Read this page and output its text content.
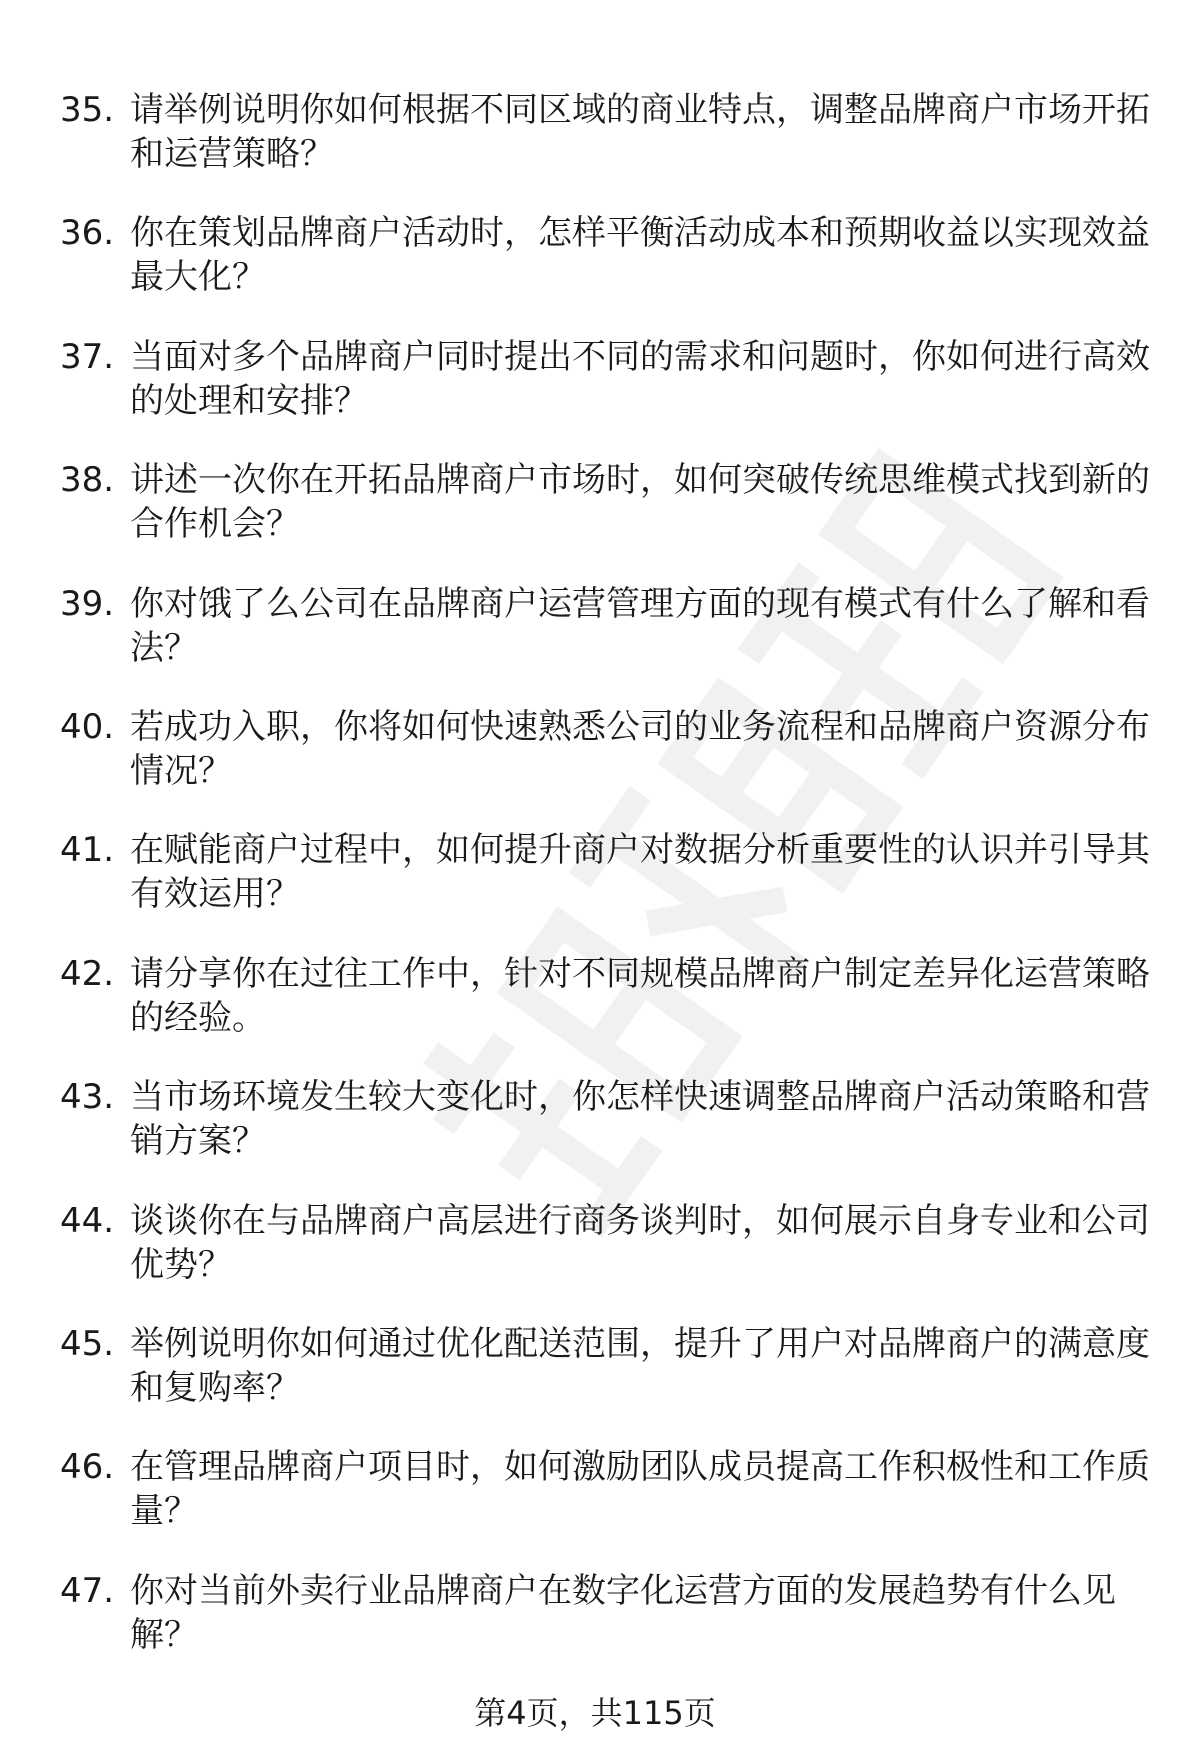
35. 请举例说明你如何根据不同区域的商业特点，调整品牌商户市场开拓和运营策略？
36. 你在策划品牌商户活动时，怎样平衡活动成本和预期收益以实现效益最大化？
37. 当面对多个品牌商户同时提出不同的需求和问题时，你如何进行高效的处理和安排？
38. 讲述一次你在开拓品牌商户市场时，如何突破传统思维模式找到新的合作机会？
39. 你对饿了么公司在品牌商户运营管理方面的现有模式有什么了解和看法？
40. 若成功入职，你将如何快速熟悉公司的业务流程和品牌商户资源分布情况？
41. 在赋能商户过程中，如何提升商户对数据分析重要性的认识并引导其有效运用？
42. 请分享你在过往工作中，针对不同规模品牌商户制定差异化运营策略的经验。
43. 当市场环境发生较大变化时，你怎样快速调整品牌商户活动策略和营销方案？
44. 谈谈你在与品牌商户高层进行商务谈判时，如何展示自身专业和公司优势？
45. 举例说明你如何通过优化配送范围，提升了用户对品牌商户的满意度和复购率？
46. 在管理品牌商户项目时，如何激励团队成员提高工作积极性和工作质量？
47. 你对当前外卖行业品牌商户在数字化运营方面的发展趋势有什么见解？
第4页，共115页
